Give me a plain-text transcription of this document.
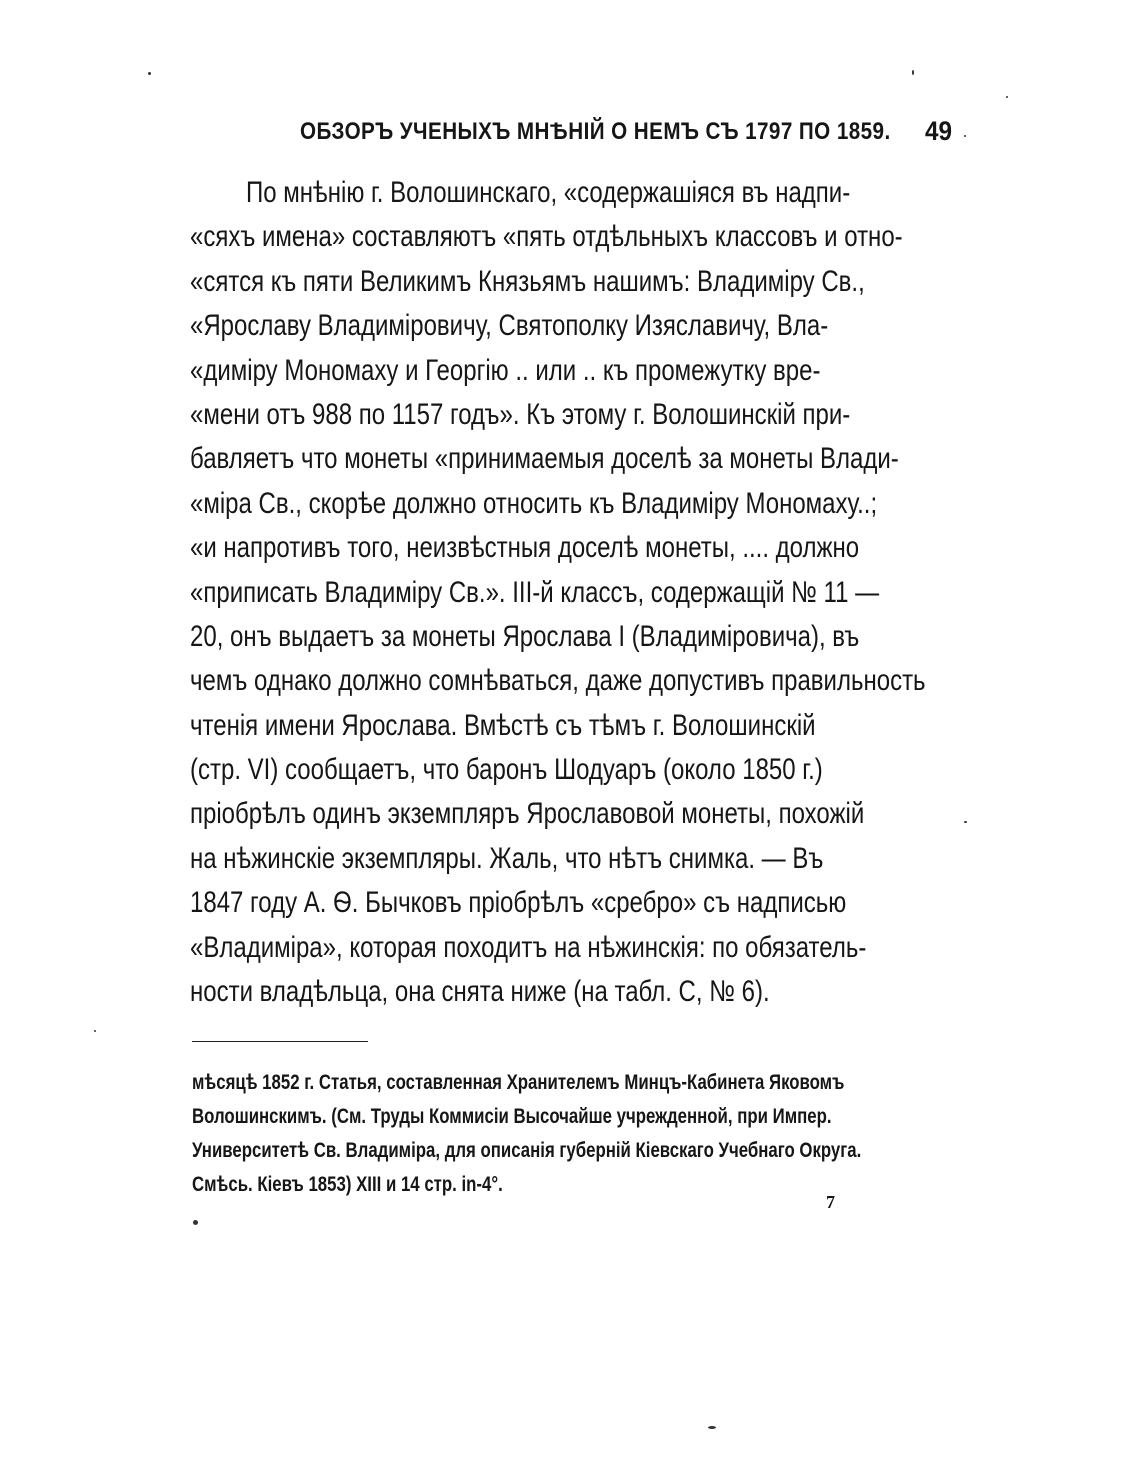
ОБЗОРЪ УЧЕНЫХЪ МНѢНІЙ О НЕМЪ СЪ 1797 ПО 1859. 49
По мнѣнію г. Волошинскаго, «содержашіяся въ надпи-
«сяхъ имена» составляютъ «пять отдѣльныхъ классовъ и отно-
«сятся къ пяти Великимъ Князьямъ нашимъ: Владиміру Св.,
«Ярославу Владиміровичу, Святополку Изяславичу, Вла-
«диміру Мономаху и Георгію .. или .. къ промежутку вре-
«мени отъ 988 по 1157 годъ». Къ этому г. Волошинскій при-
бавляетъ что монеты «принимаемыя доселѣ за монеты Влади-
«міра Св., скорѣе должно относить къ Владиміру Мономаху..;
«и напротивъ того, неизвѣстныя доселѣ монеты, .... должно
«приписать Владиміру Св.». III-й классъ, содержащій № 11 —
20, онъ выдаетъ за монеты Ярослава I (Владиміровича), въ
чемъ однако должно сомнѣваться, даже допустивъ правильность
чтенія имени Ярослава. Вмѣстѣ съ тѣмъ г. Волошинскій
(стр. VI) сообщаетъ, что баронъ Шодуаръ (около 1850 г.)
пріобрѣлъ одинъ экземпляръ Ярославовой монеты, похожій
на нѣжинскіе экземпляры. Жаль, что нѣтъ снимка. — Въ
1847 году А. Ѳ. Бычковъ пріобрѣлъ «сребро» съ надписью
«Владиміра», которая походитъ на нѣжинскія: по обязатель-
ности владѣльца, она снята ниже (на табл. С, № 6).
мѣсяцѣ 1852 г. Статья, составленная Хранителемъ Минцъ-Кабинета Яковомъ
Волошинскимъ. (См. Труды Коммисіи Высочайше учрежденной, при Импер.
Университетѣ Св. Владиміра, для описанія губерній Кіевскаго Учебнаго Округа.
Смѣсь. Кіевъ 1853) XIII и 14 стр. in-4°.
7
